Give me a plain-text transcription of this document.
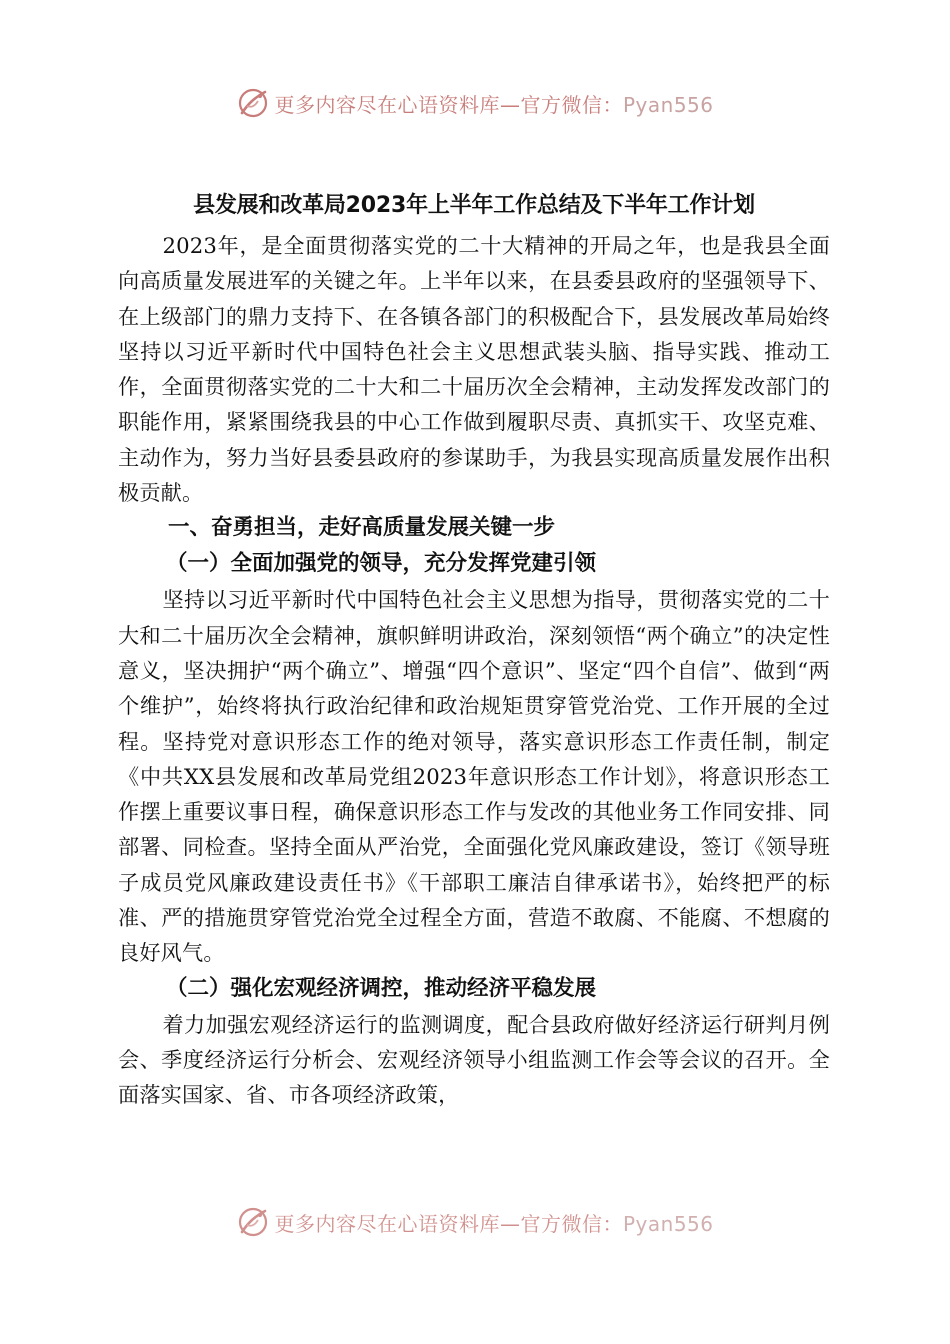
更多内容尽在心语资料库—官方微信：Pyan556
县发展和改革局2023年上半年工作总结及下半年工作计划

2023年，是全面贯彻落实党的二十大精神的开局之年，也是我县全面向高质量发展进军的关键之年。上半年以来，在县委县政府的坚强领导下、在上级部门的鼎力支持下、在各镇各部门的积极配合下，县发展改革局始终坚持以习近平新时代中国特色社会主义思想武装头脑、指导实践、推动工作，全面贯彻落实党的二十大和二十届历次全会精神，主动发挥发改部门的职能作用，紧紧围绕我县的中心工作做到履职尽责、真抓实干、攻坚克难、主动作为，努力当好县委县政府的参谋助手，为我县实现高质量发展作出积极贡献。

一、奋勇担当，走好高质量发展关键一步

（一）全面加强党的领导，充分发挥党建引领

坚持以习近平新时代中国特色社会主义思想为指导，贯彻落实党的二十大和二十届历次全会精神，旗帜鲜明讲政治，深刻领悟“两个确立”的决定性意义，坚决拥护“两个确立”、增强“四个意识”、坚定“四个自信”、做到“两个维护”，始终将执行政治纪律和政治规矩贯穿管党治党、工作开展的全过程。坚持党对意识形态工作的绝对领导，落实意识形态工作责任制，制定《中共XX县发展和改革局党组2023年意识形态工作计划》，将意识形态工作摆上重要议事日程，确保意识形态工作与发改的其他业务工作同安排、同部署、同检查。坚持全面从严治党，全面强化党风廉政建设，签订《领导班子成员党风廉政建设责任书》《干部职工廉洁自律承诺书》，始终把严的标准、严的措施贯穿管党治党全过程全方面，营造不敢腐、不能腐、不想腐的良好风气。

（二）强化宏观经济调控，推动经济平稳发展

着力加强宏观经济运行的监测调度，配合县政府做好经济运行研判月例会、季度经济运行分析会、宏观经济领导小组监测工作会等会议的召开。全面落实国家、省、市各项经济政策，

更多内容尽在心语资料库—官方微信：Pyan556
